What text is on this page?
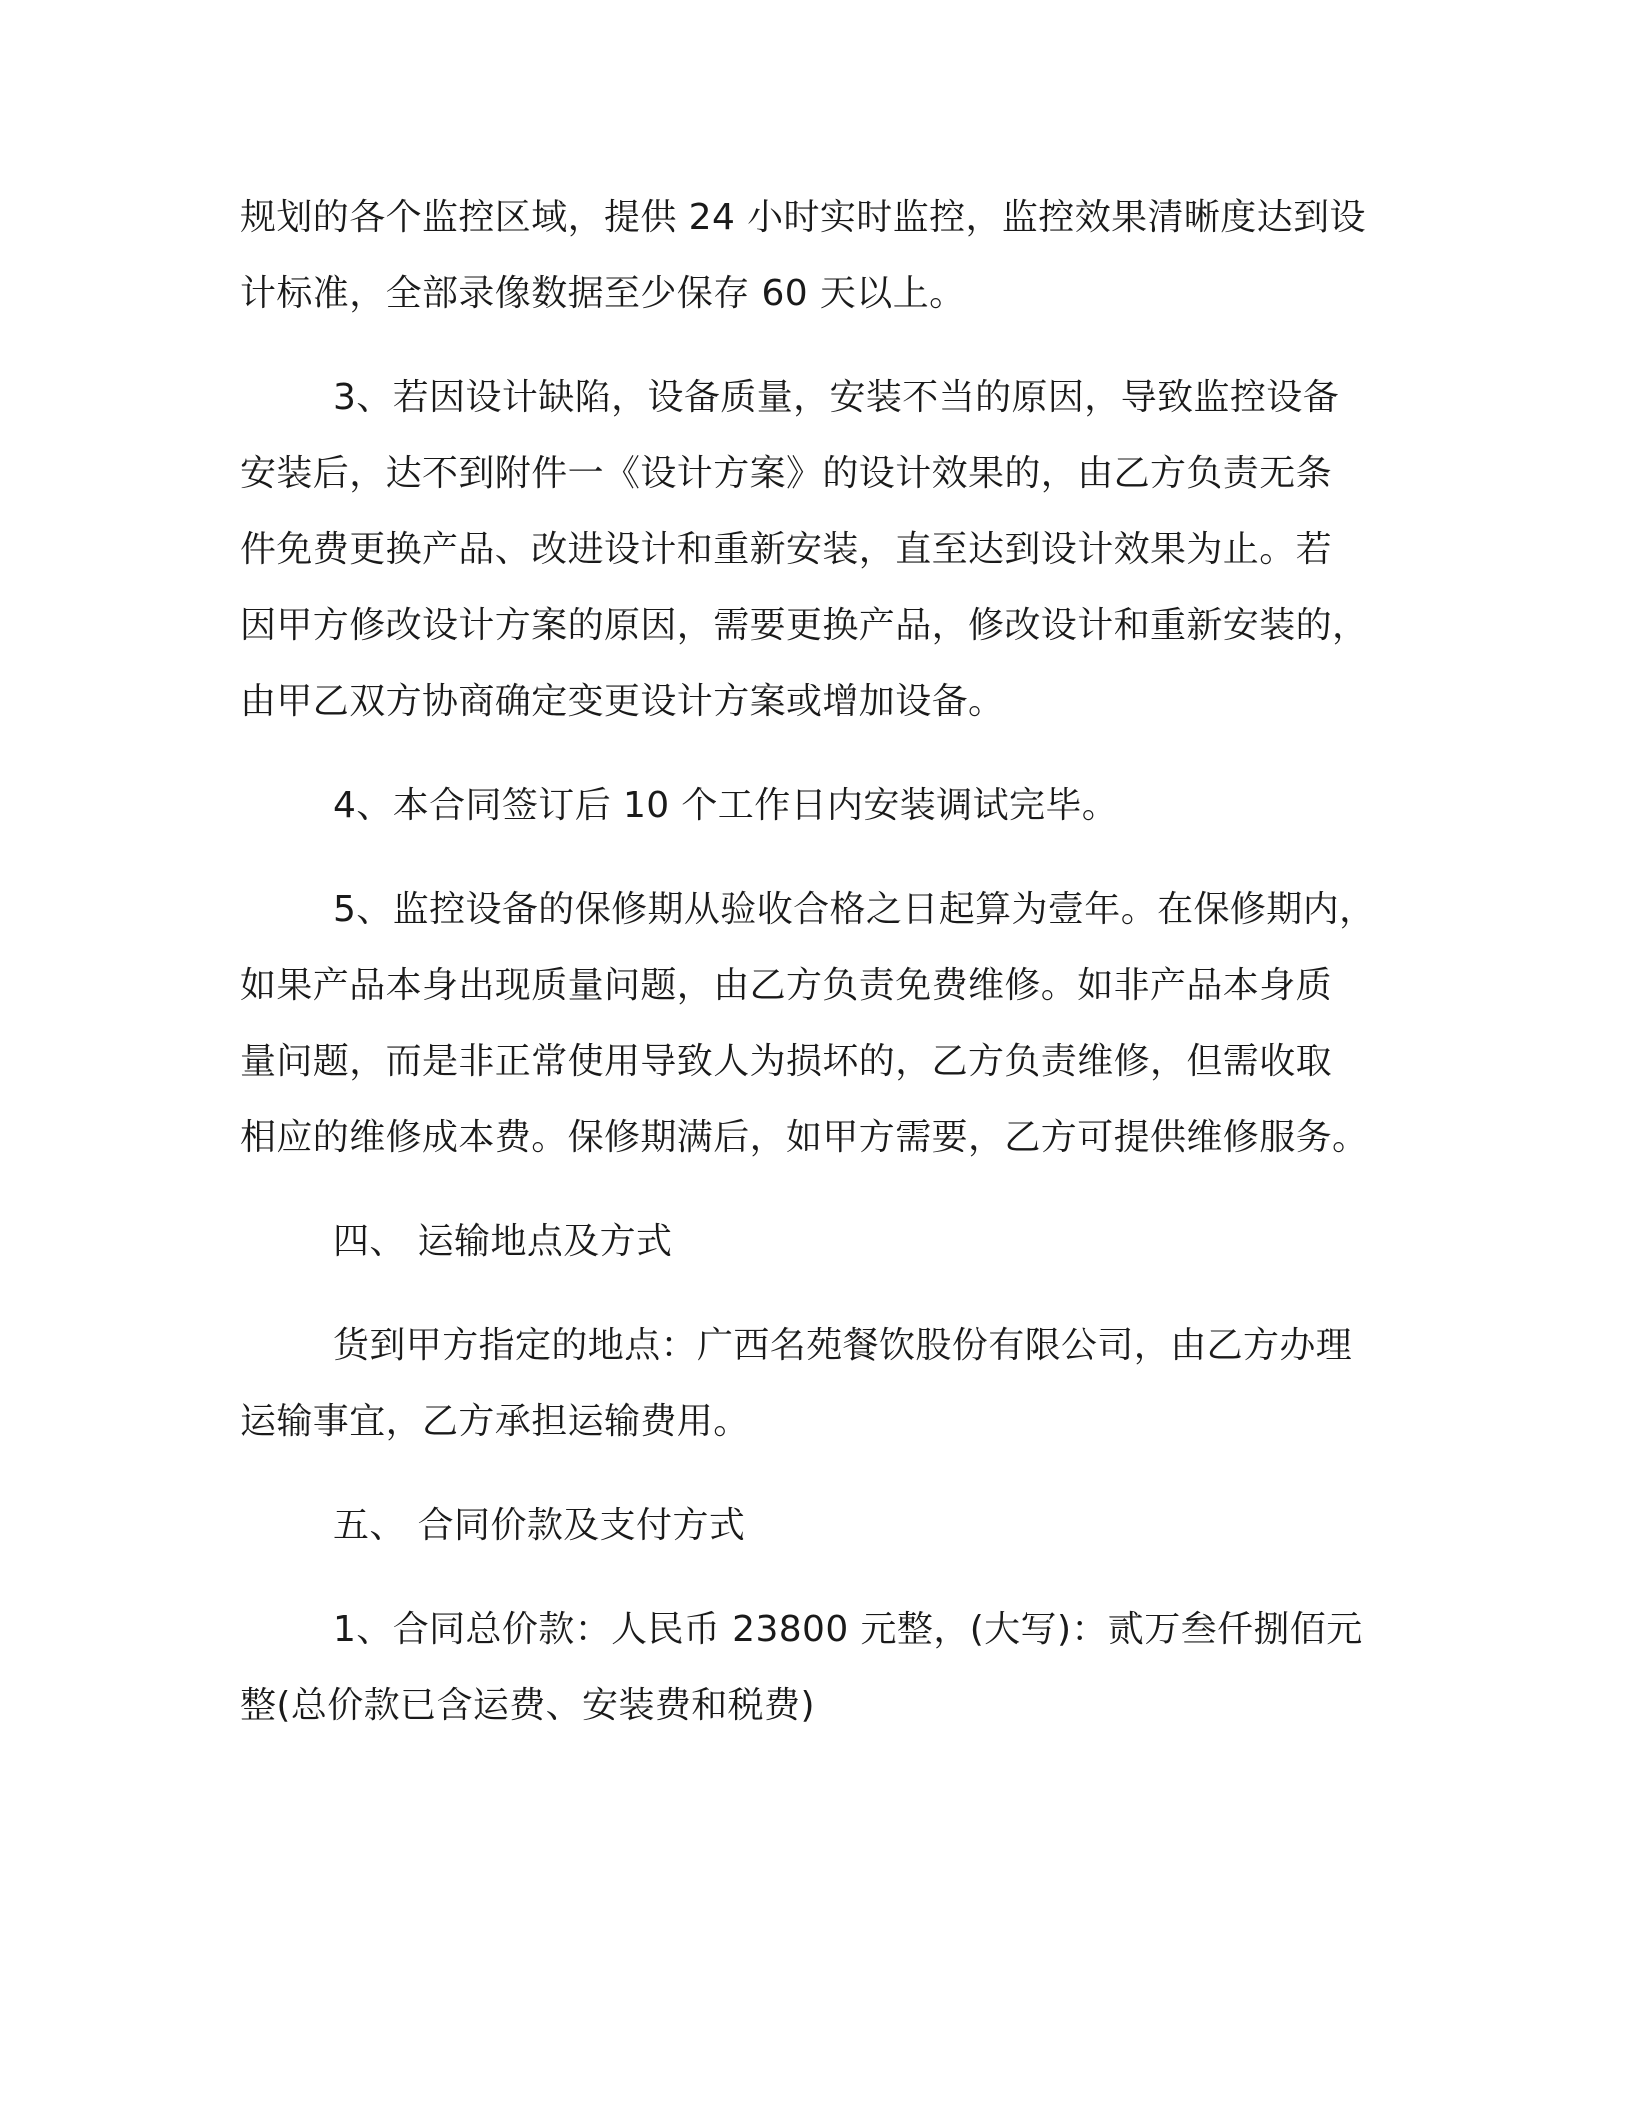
规划的各个监控区域，提供 24 小时实时监控，监控效果清晰度达到设
计标准，全部录像数据至少保存 60 天以上。
3、若因设计缺陷，设备质量，安装不当的原因，导致监控设备
安装后，达不到附件一《设计方案》的设计效果的，由乙方负责无条
件免费更换产品、改进设计和重新安装，直至达到设计效果为止。若
因甲方修改设计方案的原因，需要更换产品，修改设计和重新安装的，
由甲乙双方协商确定变更设计方案或增加设备。
4、本合同签订后 10 个工作日内安装调试完毕。
5、监控设备的保修期从验收合格之日起算为壹年。在保修期内，
如果产品本身出现质量问题，由乙方负责免费维修。如非产品本身质
量问题，而是非正常使用导致人为损坏的，乙方负责维修，但需收取
相应的维修成本费。保修期满后，如甲方需要，乙方可提供维修服务。
四、 运输地点及方式
货到甲方指定的地点：广西名苑餐饮股份有限公司，由乙方办理
运输事宜，乙方承担运输费用。
五、 合同价款及支付方式
1、合同总价款：人民币 23800 元整，(大写)：贰万叁仟捌佰元
整(总价款已含运费、安装费和税费)
